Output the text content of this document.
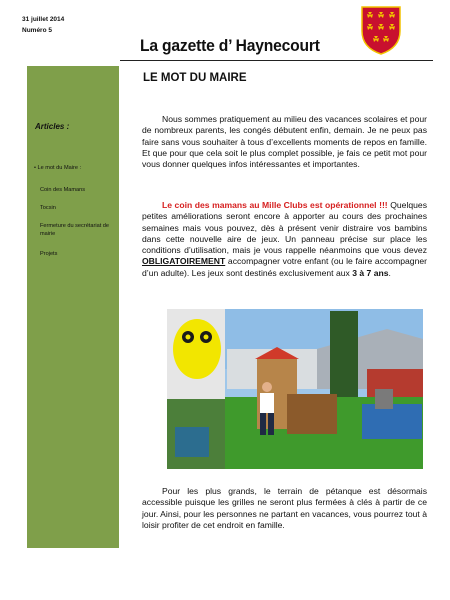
31 juillet 2014
Numéro 5
La gazette d’ Haynecourt
Articles :
• Le mot du Maire :
Coin des Mamans
Tocsin
Fermeture du secrétariat de mairie
Projets
LE MOT DU MAIRE
Nous sommes pratiquement au milieu des vacances scolaires et pour de nombreux parents, les congés débutent enfin, demain. Je ne peux pas faire sans vous souhaiter à tous d’excellents moments de repos en famille. Et que pour que cela soit le plus complet possible, je fais ce petit mot pour vous donner quelques infos intéressantes et importantes.
Le coin des mamans au Mille Clubs est opérationnel !!! Quelques petites améliorations seront encore à apporter au cours des prochaines semaines mais vous pouvez, dès à présent venir distraire vos bambins dans cette nouvelle aire de jeux. Un panneau précise sur place les conditions d’utilisation, mais je vous rappelle néanmoins que vous devez OBLIGATOIREMENT accompagner votre enfant (ou le faire accompagner d’un adulte). Les jeux sont destinés exclusivement aux 3 à 7 ans.
Pour les plus grands, le terrain de pétanque est désormais accessible puisque les grilles ne seront plus fermées à clés à partir de ce jour. Ainsi, pour les personnes ne partant en vacances, vous pourrez tout à loisir profiter de cet endroit en famille.
